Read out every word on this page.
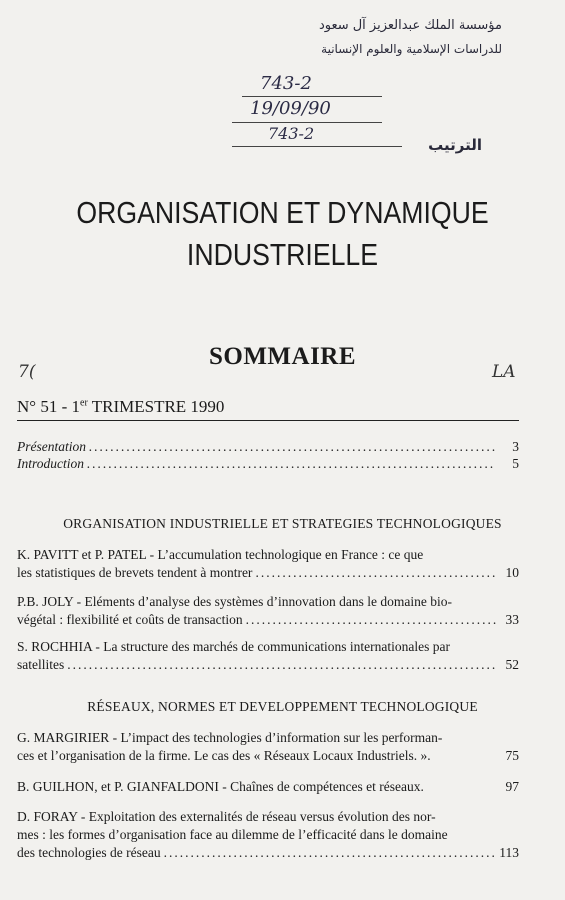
مؤسسة الملك عبدالعزيز آل سعود
للدراسات الإسلامية والعلوم الإنسانية
743-2
19/09/90
743-2
الترتيب
ORGANISATION ET DYNAMIQUE
INDUSTRIELLE
7(	LA
SOMMAIRE
N° 51 - 1er TRIMESTRE 1990
Présentation .....	3
Introduction .....	5
ORGANISATION INDUSTRIELLE ET STRATEGIES TECHNOLOGIQUES
K. PAVITT et P. PATEL - L’accumulation technologique en France : ce que
les statistiques de brevets tendent à montrer .....	10
P.B. JOLY - Eléments d’analyse des systèmes d’innovation dans le domaine bio-
végétal : flexibilité et coûts de transaction .....	33
S. ROCHHIA - La structure des marchés de communications internationales par
satellites .....	52
RÉSEAUX, NORMES ET DEVELOPPEMENT TECHNOLOGIQUE
G. MARGIRIER - L’impact des technologies d’information sur les performan-
ces et l’organisation de la firme. Le cas des « Réseaux Locaux Industriels. ».	75
B. GUILHON, et P. GIANFALDONI - Chaînes de compétences et réseaux.	97
D. FORAY - Exploitation des externalités de réseau versus évolution des nor-
mes : les formes d’organisation face au dilemme de l’efficacité dans le domaine
des technologies de réseau .....	113
